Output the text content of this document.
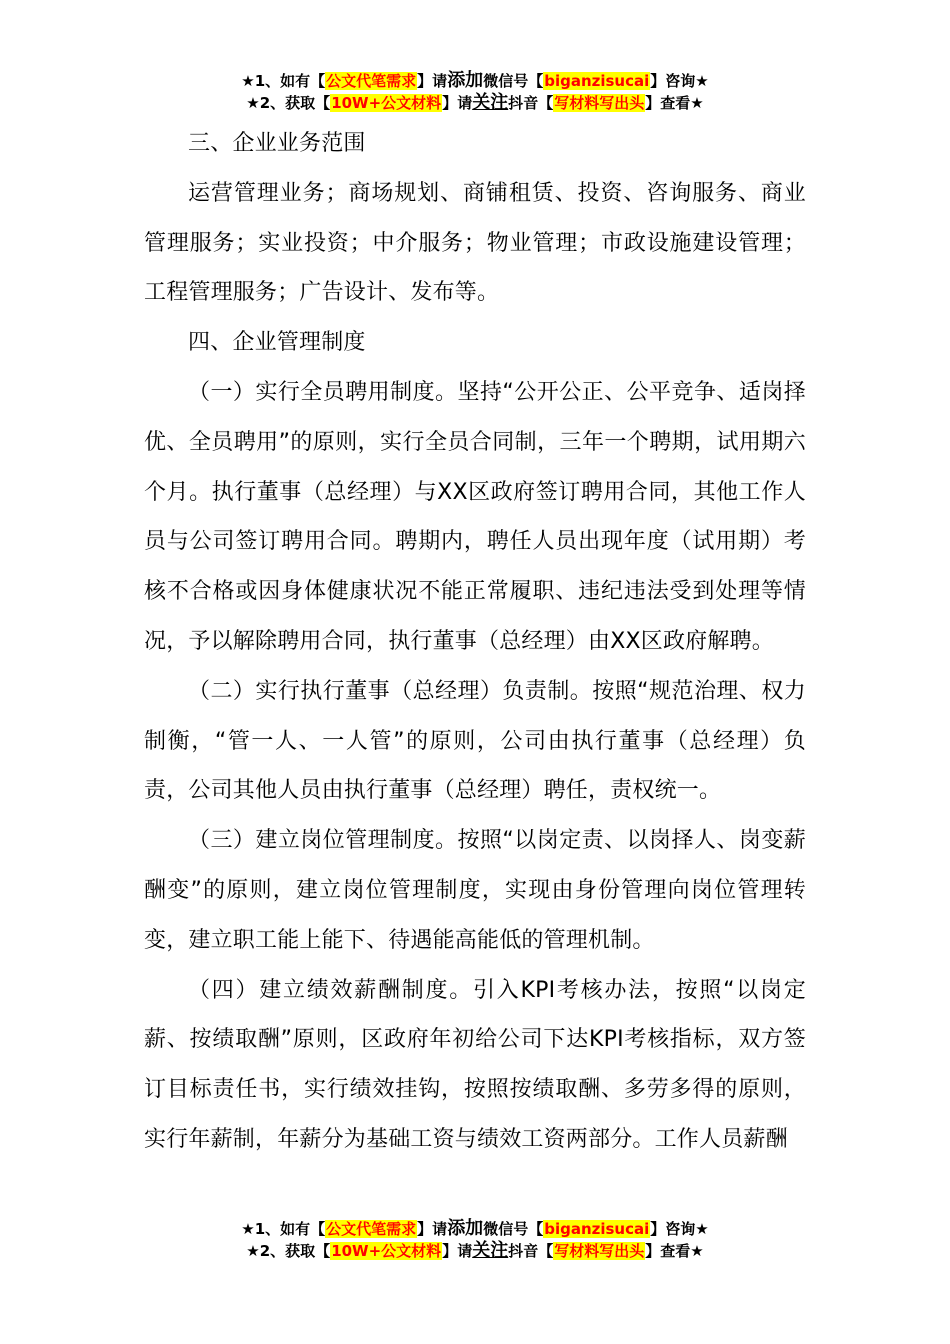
★1、如有【公文代笔需求】请添加微信号【biganzisucai】咨询★
★2、获取【10W+公文材料】请关注抖音【写材料写出头】查看★

三、企业业务范围

运营管理业务；商场规划、商铺租赁、投资、咨询服务、商业管理服务；实业投资；中介服务；物业管理；市政设施建设管理；工程管理服务；广告设计、发布等。

四、企业管理制度

（一）实行全员聘用制度。坚持“公开公正、公平竞争、适岗择优、全员聘用”的原则，实行全员合同制，三年一个聘期，试用期六个月。执行董事（总经理）与XX区政府签订聘用合同，其他工作人员与公司签订聘用合同。聘期内，聘任人员出现年度（试用期）考核不合格或因身体健康状况不能正常履职、违纪违法受到处理等情况，予以解除聘用合同，执行董事（总经理）由XX区政府解聘。

（二）实行执行董事（总经理）负责制。按照“规范治理、权力制衡，“管一人、一人管”的原则，公司由执行董事（总经理）负责，公司其他人员由执行董事（总经理）聘任，责权统一。

（三）建立岗位管理制度。按照“以岗定责、以岗择人、岗变薪酬变”的原则，建立岗位管理制度，实现由身份管理向岗位管理转变，建立职工能上能下、待遇能高能低的管理机制。

（四）建立绩效薪酬制度。引入KPI考核办法，按照“以岗定薪、按绩取酬”原则，区政府年初给公司下达KPI考核指标，双方签订目标责任书，实行绩效挂钩，按照按绩取酬、多劳多得的原则，实行年薪制，年薪分为基础工资与绩效工资两部分。工作人员薪酬

★1、如有【公文代笔需求】请添加微信号【biganzisucai】咨询★
★2、获取【10W+公文材料】请关注抖音【写材料写出头】查看★
